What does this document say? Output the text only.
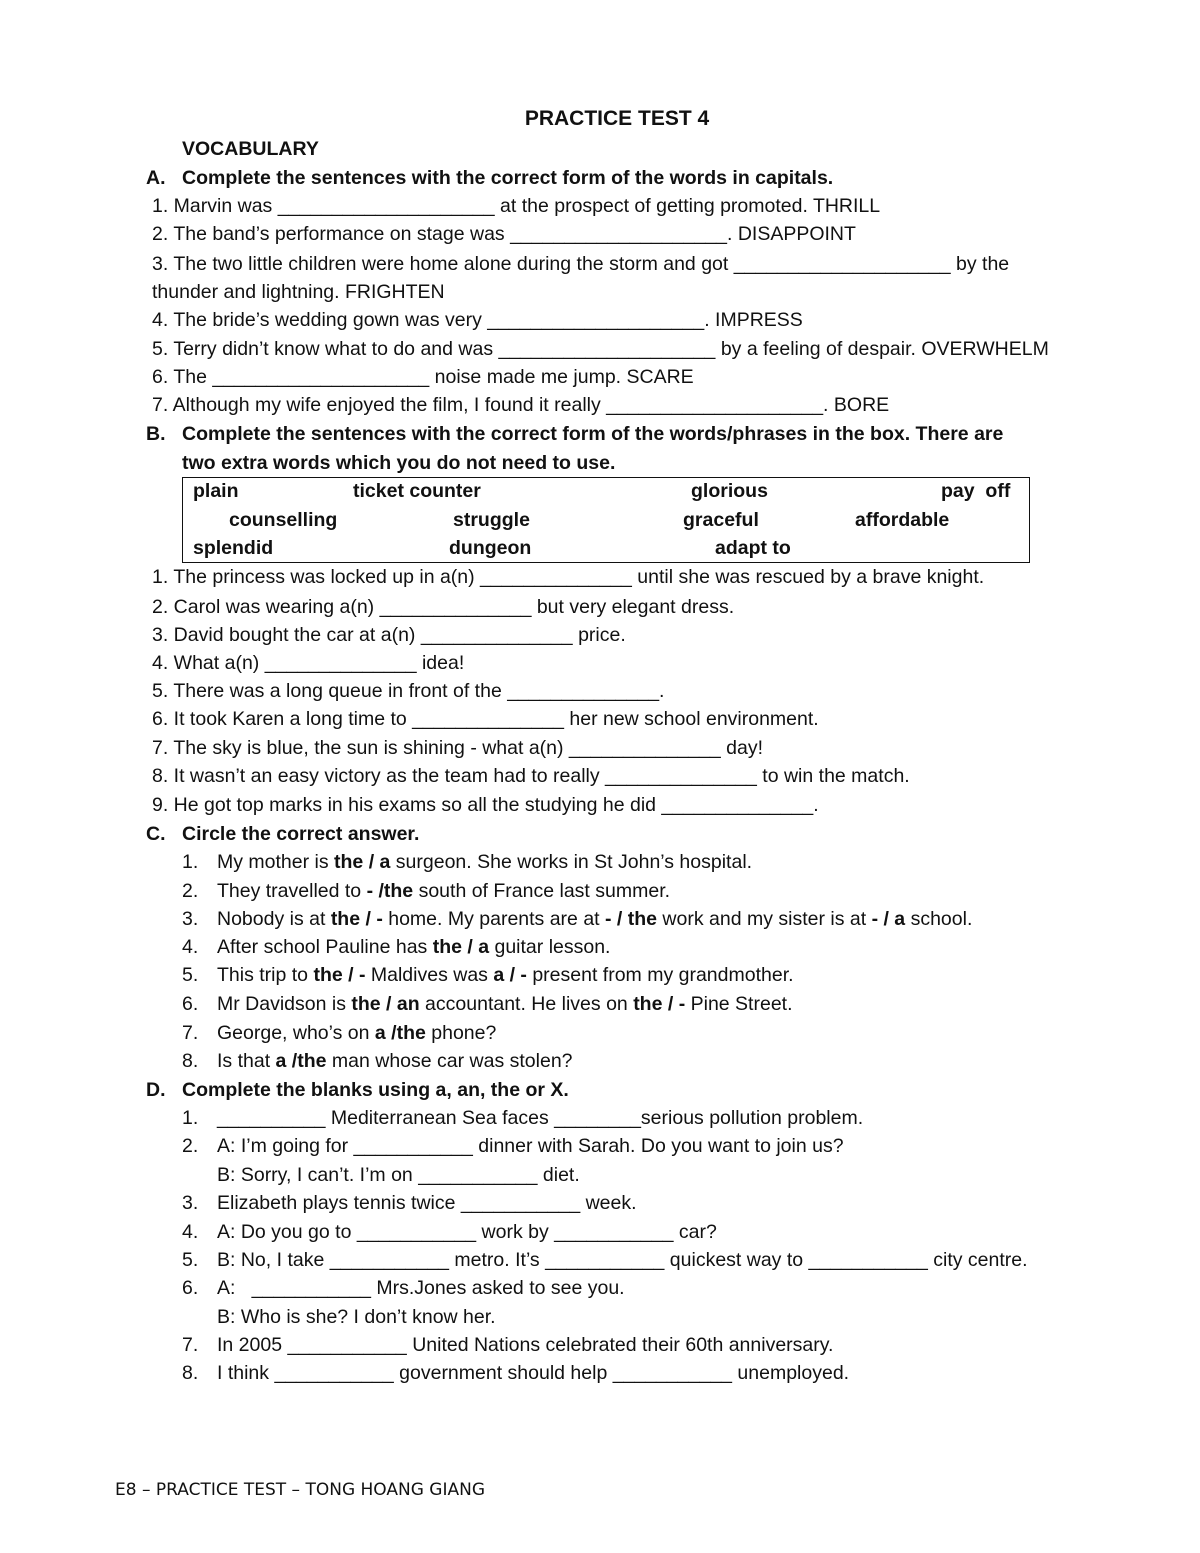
PRACTICE TEST 4
VOCABULARY
A. Complete the sentences with the correct form of the words in capitals.
1. Marvin was ____________________ at the prospect of getting promoted. THRILL
2. The band’s performance on stage was ____________________. DISAPPOINT
3. The two little children were home alone during the storm and got ____________________ by the
thunder and lightning. FRIGHTEN
4. The bride’s wedding gown was very ____________________. IMPRESS
5. Terry didn’t know what to do and was ____________________ by a feeling of despair. OVERWHELM
6. The ____________________ noise made me jump. SCARE
7. Although my wife enjoyed the film, I found it really ____________________. BORE
B. Complete the sentences with the correct form of the words/phrases in the box. There are
two extra words which you do not need to use.
plain	ticket counter	glorious	pay  off
counselling	struggle	graceful	affordable
splendid	dungeon	adapt to
1. The princess was locked up in a(n) ______________ until she was rescued by a brave knight.
2. Carol was wearing a(n) ______________ but very elegant dress.
3. David bought the car at a(n) ______________ price.
4. What a(n) ______________ idea!
5. There was a long queue in front of the ______________.
6. It took Karen a long time to ______________ her new school environment.
7. The sky is blue, the sun is shining - what a(n) ______________ day!
8. It wasn’t an easy victory as the team had to really ______________ to win the match.
9. He got top marks in his exams so all the studying he did ______________.
C. Circle the correct answer.
1. My mother is the / a surgeon. She works in St John’s hospital.
2. They travelled to - /the south of France last summer.
3. Nobody is at the / - home. My parents are at - / the work and my sister is at - / a school.
4. After school Pauline has the / a guitar lesson.
5. This trip to the / - Maldives was a / - present from my grandmother.
6. Mr Davidson is the / an accountant. He lives on the / - Pine Street.
7. George, who’s on a /the phone?
8. Is that a /the man whose car was stolen?
D. Complete the blanks using a, an, the or X.
1. __________ Mediterranean Sea faces ________serious pollution problem.
2. A: I’m going for ___________ dinner with Sarah. Do you want to join us?
B: Sorry, I can’t. I’m on ___________ diet.
3. Elizabeth plays tennis twice ___________ week.
4. A: Do you go to ___________ work by ___________ car?
5. B: No, I take ___________ metro. It’s ___________ quickest way to ___________ city centre.
6. A:   ___________ Mrs.Jones asked to see you.
B: Who is she? I don’t know her.
7. In 2005 ___________ United Nations celebrated their 60th anniversary.
8. I think ___________ government should help ___________ unemployed.
E8 – PRACTICE TEST – TONG HOANG GIANG
